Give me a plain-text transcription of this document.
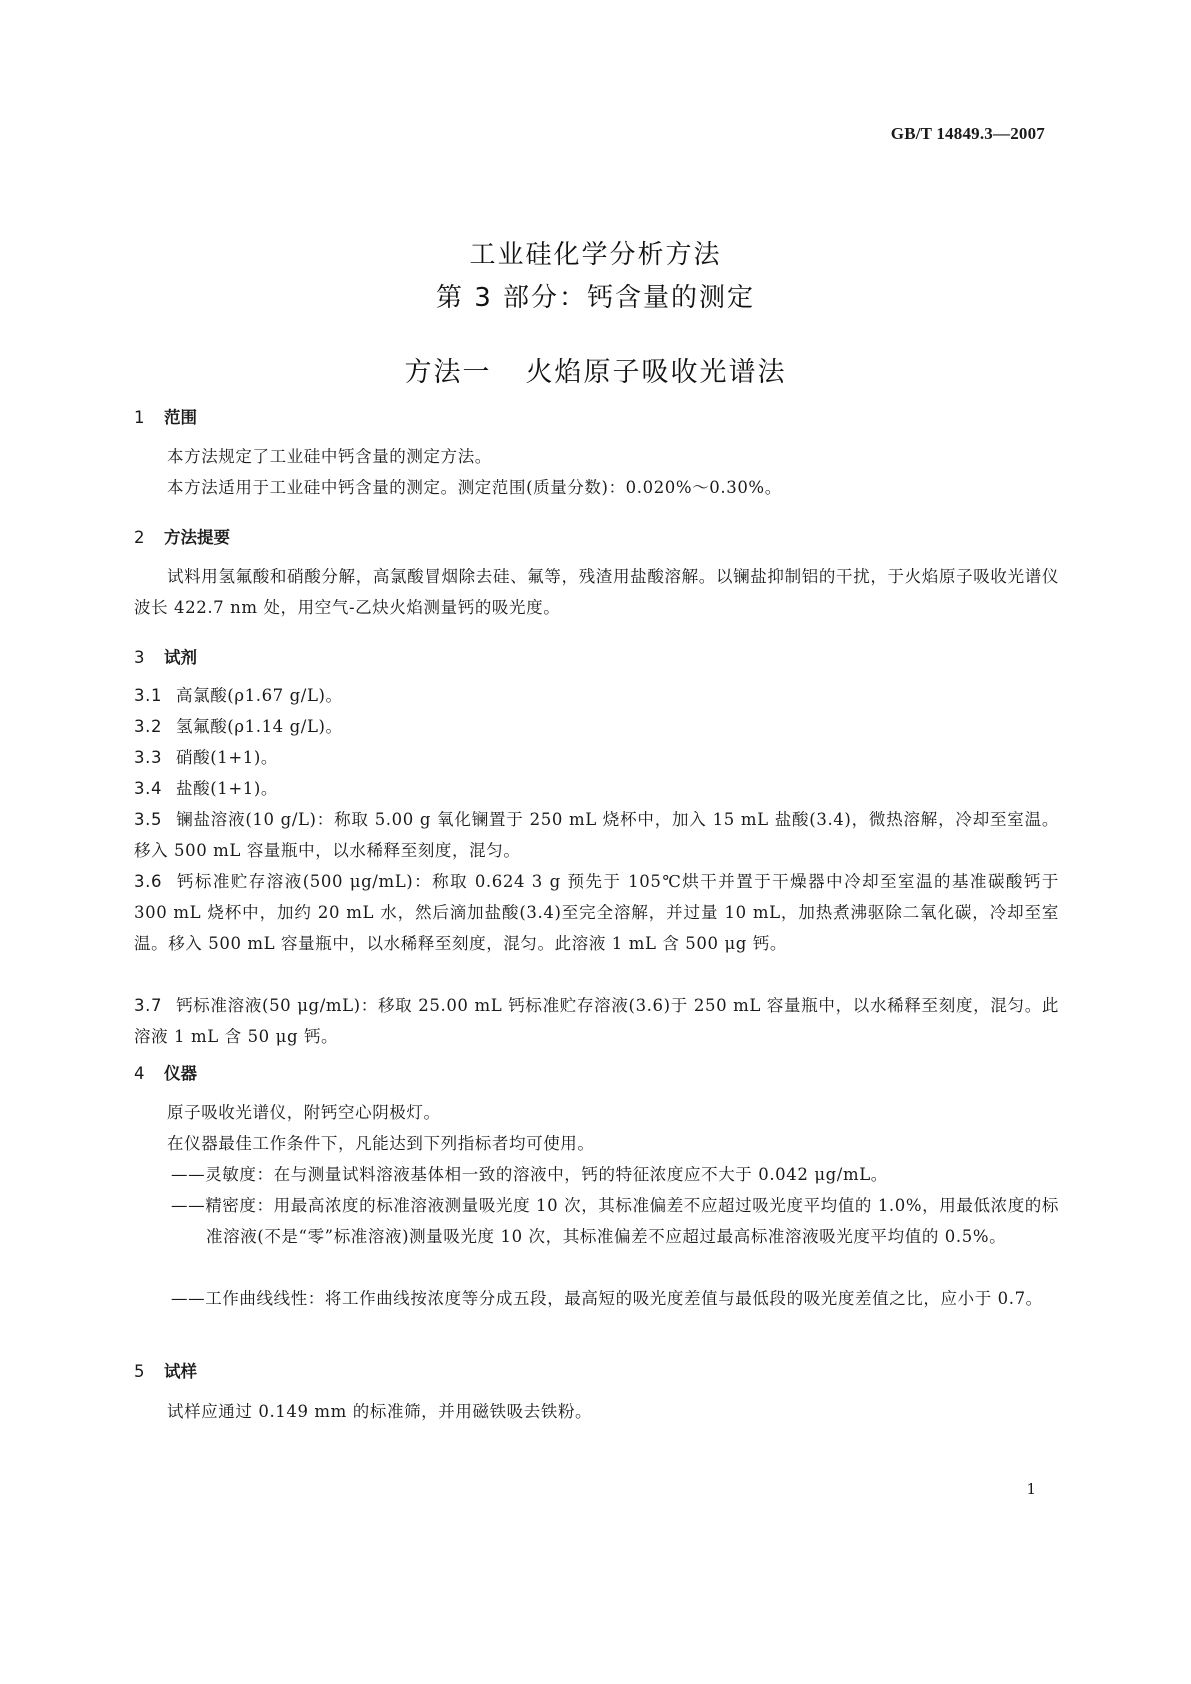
GB/T 14849.3—2007
工业硅化学分析方法
第 3 部分：钙含量的测定
方法一 火焰原子吸收光谱法
1 范围
本方法规定了工业硅中钙含量的测定方法。
本方法适用于工业硅中钙含量的测定。测定范围(质量分数)：0.020%～0.30%。
2 方法提要
试料用氢氟酸和硝酸分解，高氯酸冒烟除去硅、氟等，残渣用盐酸溶解。以镧盐抑制铝的干扰，于火焰原子吸收光谱仪波长 422.7 nm 处，用空气-乙炔火焰测量钙的吸光度。
3 试剂
3.1 高氯酸(ρ1.67 g/L)。
3.2 氢氟酸(ρ1.14 g/L)。
3.3 硝酸(1+1)。
3.4 盐酸(1+1)。
3.5 镧盐溶液(10 g/L)：称取 5.00 g 氧化镧置于 250 mL 烧杯中，加入 15 mL 盐酸(3.4)，微热溶解，冷却至室温。移入 500 mL 容量瓶中，以水稀释至刻度，混匀。
3.6 钙标准贮存溶液(500 μg/mL)：称取 0.624 3 g 预先于 105℃烘干并置于干燥器中冷却至室温的基准碳酸钙于 300 mL 烧杯中，加约 20 mL 水，然后滴加盐酸(3.4)至完全溶解，并过量 10 mL，加热煮沸驱除二氧化碳，冷却至室温。移入 500 mL 容量瓶中，以水稀释至刻度，混匀。此溶液 1 mL 含 500 μg 钙。
3.7 钙标准溶液(50 μg/mL)：移取 25.00 mL 钙标准贮存溶液(3.6)于 250 mL 容量瓶中，以水稀释至刻度，混匀。此溶液 1 mL 含 50 μg 钙。
4 仪器
原子吸收光谱仪，附钙空心阴极灯。
在仪器最佳工作条件下，凡能达到下列指标者均可使用。
——灵敏度：在与测量试料溶液基体相一致的溶液中，钙的特征浓度应不大于 0.042 μg/mL。
——精密度：用最高浓度的标准溶液测量吸光度 10 次，其标准偏差不应超过吸光度平均值的 1.0%，用最低浓度的标准溶液(不是“零”标准溶液)测量吸光度 10 次，其标准偏差不应超过最高标准溶液吸光度平均值的 0.5%。
——工作曲线线性：将工作曲线按浓度等分成五段，最高短的吸光度差值与最低段的吸光度差值之比，应小于 0.7。
5 试样
试样应通过 0.149 mm 的标准筛，并用磁铁吸去铁粉。
1
